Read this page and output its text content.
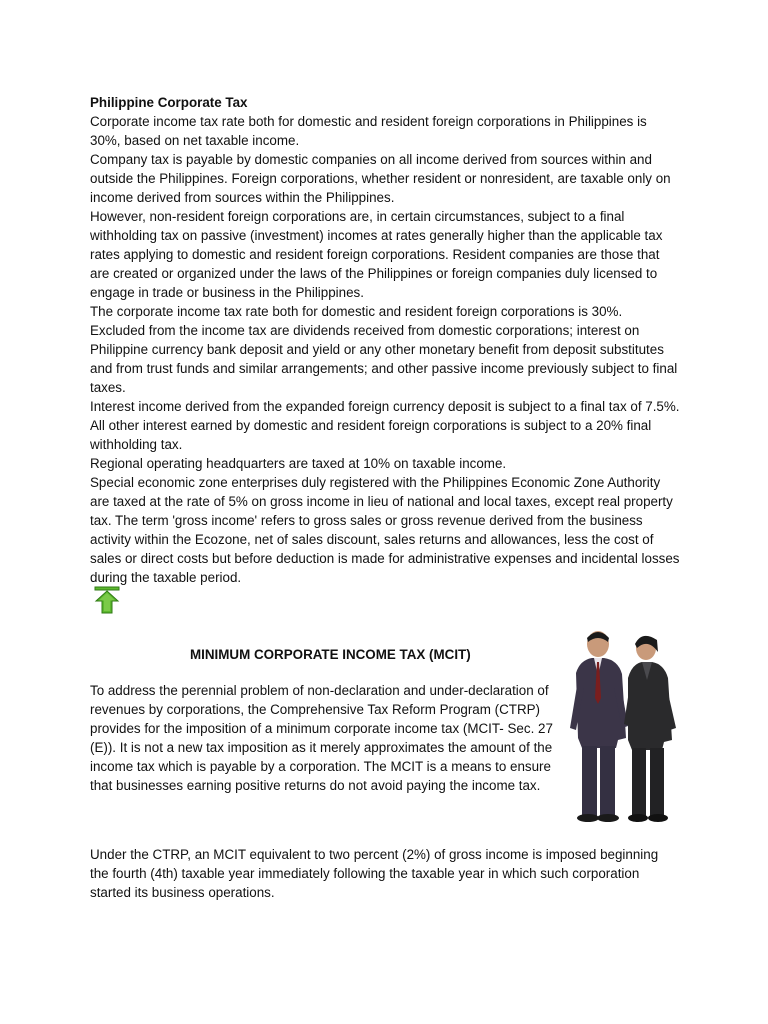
Philippine Corporate Tax

Corporate income tax rate both for domestic and resident foreign corporations in Philippines is 30%, based on net taxable income.

Company tax is payable by domestic companies on all income derived from sources within and outside the Philippines. Foreign corporations, whether resident or nonresident, are taxable only on income derived from sources within the Philippines.

However, non-resident foreign corporations are, in certain circumstances, subject to a final withholding tax on passive (investment) incomes at rates generally higher than the applicable tax rates applying to domestic and resident foreign corporations. Resident companies are those that are created or organized under the laws of the Philippines or foreign companies duly licensed to engage in trade or business in the Philippines.

The corporate income tax rate both for domestic and resident foreign corporations is 30%. Excluded from the income tax are dividends received from domestic corporations; interest on Philippine currency bank deposit and yield or any other monetary benefit from deposit substitutes and from trust funds and similar arrangements; and other passive income previously subject to final taxes.

Interest income derived from the expanded foreign currency deposit is subject to a final tax of 7.5%. All other interest earned by domestic and resident foreign corporations is subject to a 20% final withholding tax.

Regional operating headquarters are taxed at 10% on taxable income.

Special economic zone enterprises duly registered with the Philippines Economic Zone Authority are taxed at the rate of 5% on gross income in lieu of national and local taxes, except real property tax. The term 'gross income' refers to gross sales or gross revenue derived from the business activity within the Ecozone, net of sales discount, sales returns and allowances, less the cost of sales or direct costs but before deduction is made for administrative expenses and incidental losses during the taxable period.

MINIMUM CORPORATE INCOME TAX (MCIT)

To address the perennial problem of non-declaration and under-declaration of revenues by corporations, the Comprehensive Tax Reform Program (CTRP) provides for the imposition of a minimum corporate income tax (MCIT- Sec. 27 (E)). It is not a new tax imposition as it merely approximates the amount of the income tax which is payable by a corporation. The MCIT is a means to ensure that businesses earning positive returns do not avoid paying the income tax.

Under the CTRP, an MCIT equivalent to two percent (2%) of gross income is imposed beginning the fourth (4th) taxable year immediately following the taxable year in which such corporation started its business operations.
